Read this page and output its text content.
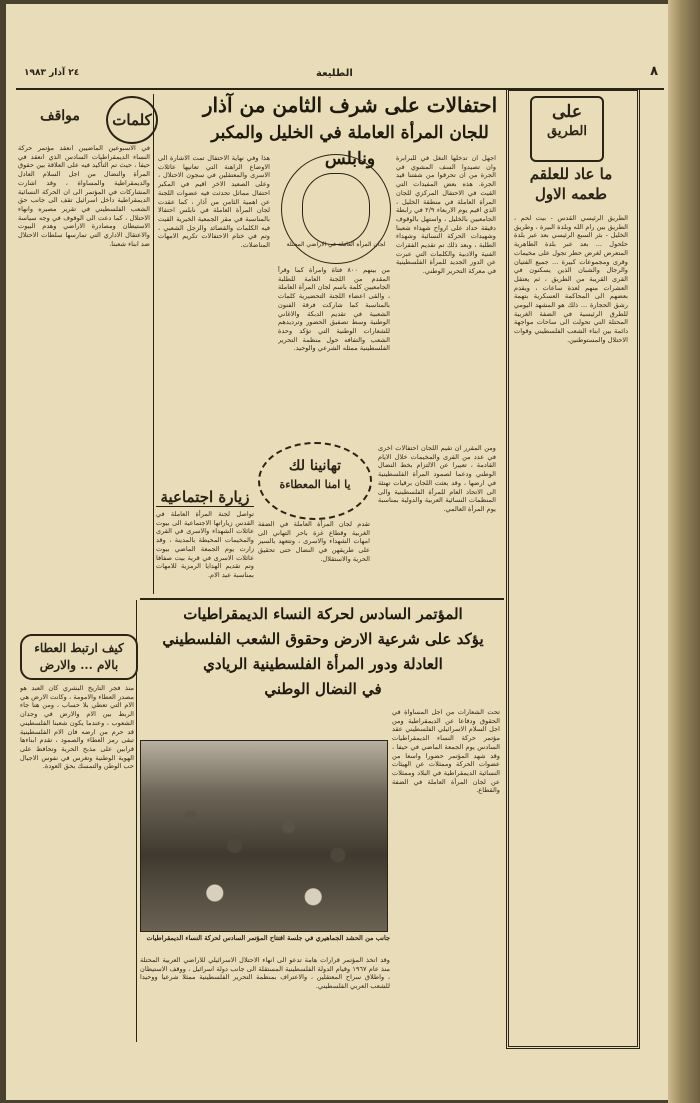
٨
الطليعة
٢٤ آذار ١٩٨٣
على
الطريق
ما عاد للعلقم طعمه الاول
الطريق الرئيسي القدس - بيت لحم ، الطريق بين رام الله وبلدة البيرة ، وطريق الخليل - بئر السبع الرئيسي بعد عبر بلدة حلحول ... بعد عبر بلدة الظاهرية المتعرض لغرض حظر تجول على مخيمات وقرى ومجموعات كبيرة ... جميع الفتيان والرجال والشبان الذين يسكنون في القرى القريبة من الطريق ، ثم يعتقل العشرات منهم لعدة ساعات ، ويقدم بعضهم الى المحاكمة العسكرية بتهمة رشق الحجارة ... ذلك هو المشهد اليومي للطرق الرئيسية في الضفة الغربية المحتلة التي تحولت الى ساحات مواجهة دائمة بين ابناء الشعب الفلسطيني وقوات الاحتلال والمستوطنين.
احتفالات على شرف الثامن من آذار
للجان المرأة العاملة في الخليل والمكبر ونابلس
لجان المرأة العاملة في الاراضي المحتلة
اجهل ان تدخلها النغل في للبرابرة وان تصيدوا السف المشوي في الجرة من ان تحرقوا من شفتنا قيد الجرة. هذه بعض المفيدات التي القيت في الاحتفال المركزي للجان المرأة العاملة في منطقة الخليل ، الذي اقيم يوم الاربعاء ٢/٩ في رابطة الجامعيين بالخليل ، واستهل بالوقوف دقيقة حداد على ارواح شهداء شعبنا وشهيدات الحركة النسائية وشهداء الطلبة ، وبعد ذلك تم تقديم الفقرات الفنية والادبية والكلمات التي عبرت عن الدور الجديد للمرأة الفلسطينية في معركة التحرير الوطني.
من بينهم ٨٠٠ فتاة وامرأة كما وقرأ المقدم من اللجنة العامة للطلبة الجامعيين كلمة باسم لجان المرأة العاملة ، والقى اعضاء اللجنة التحضيرية كلمات بالمناسبة كما شاركت فرقة الفنون الشعبية في تقديم الدبكة والاغاني الوطنية وسط تصفيق الحضور وترديدهم للشعارات الوطنية التي تؤكد وحدة الشعب والتفافه حول منظمة التحرير الفلسطينية ممثله الشرعي والوحيد.
هذا وفي نهاية الاحتفال تمت الاشارة الى الاوضاع الراهنة التي تعانيها عائلات الاسرى والمعتقلين في سجون الاحتلال ، وعلى الصعيد الاخر اقيم في المكبر احتفال مماثل تحدثت فيه عضوات اللجنة عن اهمية الثامن من آذار ، كما عقدت لجان المرأة العاملة في نابلس احتفالا بالمناسبة في مقر الجمعية الخيرية القيت فيه الكلمات والقصائد والزجل الشعبي ، وتم في ختام الاحتفالات تكريم الامهات المناضلات.
ومن المقرر ان تقيم اللجان احتفالات اخرى في عدد من القرى والمخيمات خلال الايام القادمة ، تعبيرا عن الالتزام بخط النضال الوطني ودعما لصمود المرأة الفلسطينية في ارضها ، وقد بعثت اللجان برقيات تهنئة الى الاتحاد العام للمرأة الفلسطينية والى المنظمات النسائية العربية والدولية بمناسبة يوم المرأة العالمي.
كلمات
مواقف
في الاسبوعين الماضيين انعقد مؤتمر حركة النساء الديمقراطيات السادس الذي انعقد في حيفا ، حيث تم التأكيد فيه على العلاقة بين حقوق المرأة والنضال من اجل السلام العادل والديمقراطية والمساواة ، وقد اشارت المشاركات في المؤتمر الى ان الحركة النسائية الديمقراطية داخل اسرائيل تقف الى جانب حق الشعب الفلسطيني في تقرير مصيره وانهاء الاحتلال ، كما دعت الى الوقوف في وجه سياسة الاستيطان ومصادرة الاراضي وهدم البيوت والاعتقال الاداري التي تمارسها سلطات الاحتلال ضد ابناء شعبنا.
تهانينا لك
يا امنا المعطاءة
تقدم لجان المرأة العاملة في الضفة الغربية وقطاع غزة باحر التهاني الى امهات الشهداء والاسرى ، وتتعهد بالسير على طريقهن في النضال حتى تحقيق الحرية والاستقلال.
زيارة اجتماعية
تواصل لجنة المرأة العاملة في القدس زياراتها الاجتماعية الى بيوت عائلات الشهداء والاسرى في القرى والمخيمات المحيطة بالمدينة ، وقد زارت يوم الجمعة الماضي بيوت عائلات الاسرى في قرية بيت صفافا وتم تقديم الهدايا الرمزية للامهات بمناسبة عيد الام.
المؤتمر السادس لحركة النساء الديمقراطيات
يؤكد على شرعية الارض وحقوق الشعب الفلسطيني
العادلة ودور المرأة الفلسطينية الريادي
في النضال الوطني
تحت الشعارات من اجل المساواة في الحقوق ودفاعا عن الديمقراطية ومن اجل السلام الاسرائيلي الفلسطيني عقد مؤتمر حركة النساء الديمقراطيات السادس يوم الجمعة الماضي في حيفا ، وقد شهد المؤتمر حضورا واسعا من عضوات الحركة وممثلات عن الهيئات النسائية الديمقراطية في البلاد وممثلات عن لجان المرأة العاملة في الضفة والقطاع.
جانب من الحشد الجماهيري في جلسة افتتاح المؤتمر السادس لحركة النساء الديمقراطيات
وقد اتخذ المؤتمر قرارات هامة تدعو الى انهاء الاحتلال الاسرائيلي للاراضي العربية المحتلة منذ عام ١٩٦٧ وقيام الدولة الفلسطينية المستقلة الى جانب دولة اسرائيل ، ووقف الاستيطان ، واطلاق سراح المعتقلين ، والاعتراف بمنظمة التحرير الفلسطينية ممثلا شرعيا ووحيدا للشعب العربي الفلسطيني.
كيف ارتبط العطاء بالام ... والارض
منذ فجر التاريخ البشري كان العبد هو مصدر العطاء والامومة ، وكانت الارض هي الام التي تعطي بلا حساب ، ومن هنا جاء الربط بين الام والارض في وجدان الشعوب ، وعندما يكون شعبنا الفلسطيني قد حرم من ارضه فان الام الفلسطينية تبقى رمز العطاء والصمود ، تقدم ابناءها قرابين على مذبح الحرية وتحافظ على الهوية الوطنية وتغرس في نفوس الاجيال حب الوطن والتمسك بحق العودة.
